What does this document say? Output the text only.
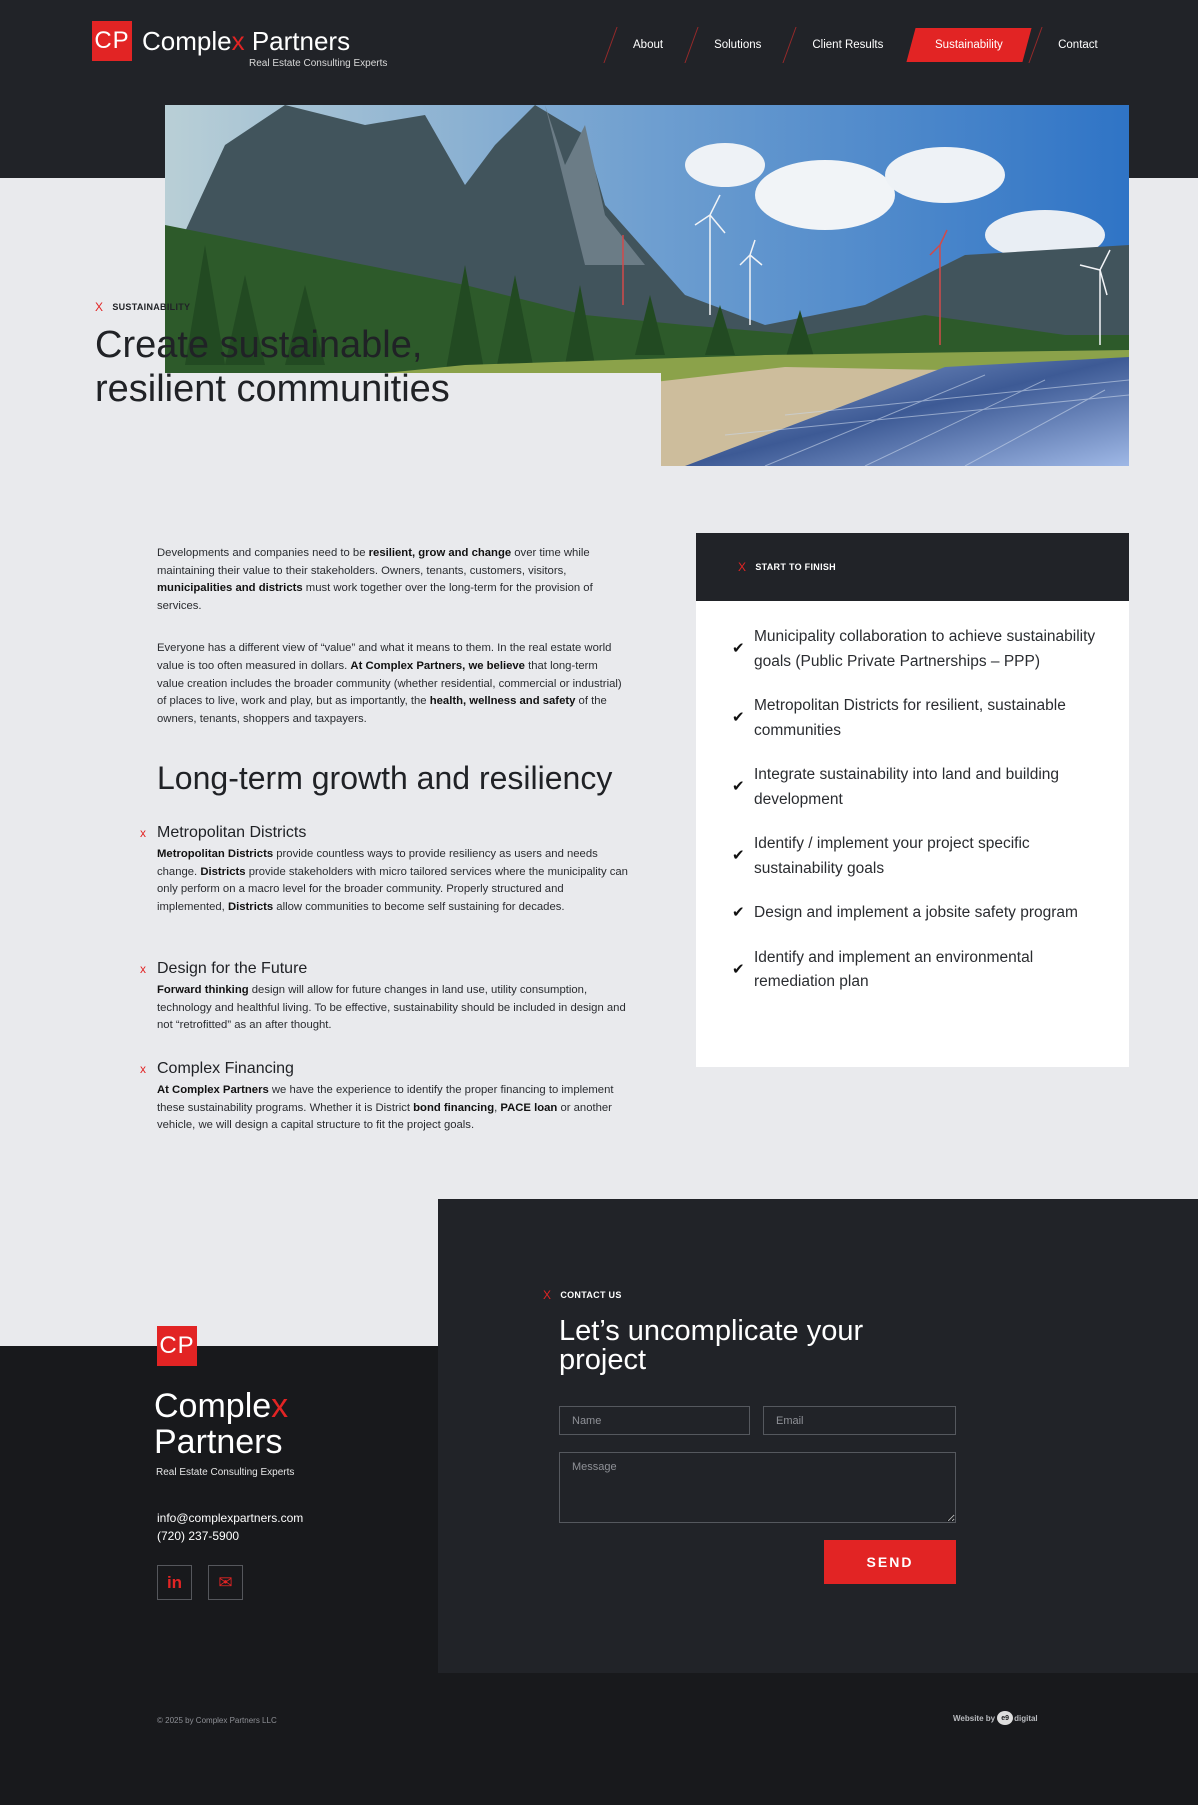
CP Complex Partners
Real Estate Consulting Experts
About	Solutions	Client Results	Sustainability	Contact
X SUSTAINABILITY
Create sustainable, resilient communities

Developments and companies need to be resilient, grow and change over time while maintaining their value to their stakeholders. Owners, tenants, customers, visitors, municipalities and districts must work together over the long-term for the provision of services.

Everyone has a different view of “value” and what it means to them. In the real estate world value is too often measured in dollars. At Complex Partners, we believe that long-term value creation includes the broader community (whether residential, commercial or industrial) of places to live, work and play, but as importantly, the health, wellness and safety of the owners, tenants, shoppers and taxpayers.

Long-term growth and resiliency
x Metropolitan Districts
Metropolitan Districts provide countless ways to provide resiliency as users and needs change. Districts provide stakeholders with micro tailored services where the municipality can only perform on a macro level for the broader community. Properly structured and implemented, Districts allow communities to become self sustaining for decades.
x Design for the Future
Forward thinking design will allow for future changes in land use, utility consumption, technology and healthful living. To be effective, sustainability should be included in design and not “retrofitted” as an after thought.
x Complex Financing
At Complex Partners we have the experience to identify the proper financing to implement these sustainability programs. Whether it is District bond financing, PACE loan or another vehicle, we will design a capital structure to fit the project goals.
X START TO FINISH
✔
Municipality collaboration to achieve sustainability goals (Public Private Partnerships – PPP)
✔
Metropolitan Districts for resilient, sustainable communities
✔
Integrate sustainability into land and building development
✔
Identify / implement your project specific sustainability goals
✔ Design and implement a jobsite safety program
✔
Identify and implement an environmental remediation plan
CP
Complex
Partners
Real Estate Consulting Experts
info@complexpartners.com
(720) 237-5900
in ✉
X CONTACT US
Let’s uncomplicate your project
Name
Email
Message
SEND
© 2025 by Complex Partners LLC	Website by e9 digital
